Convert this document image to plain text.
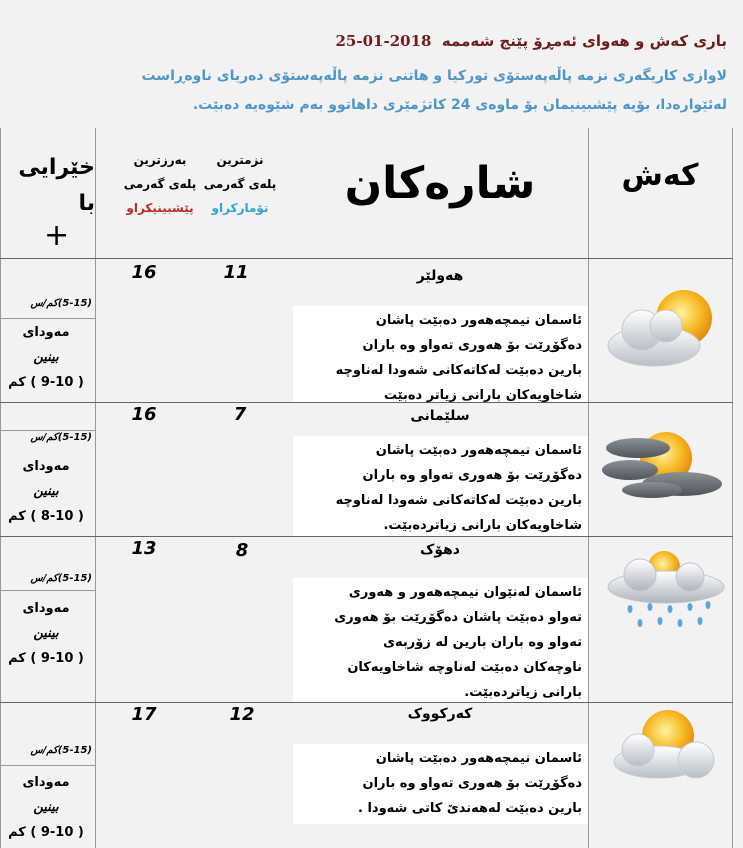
باری کەش و هەوای ئەمڕۆ پێنج شەممە  2018-01-25
لاوازی کاریگەری نزمە پاڵەپەستۆی تورکیا و هاتنی نزمە پاڵەپەستۆی دەریای ناوەڕاست
لەئێوارەدا، بۆیە پێشبینیمان بۆ ماوەی 24 کاتژمێری داهاتوو بەم شێوەیە دەبێت.
کەش
شارەکان
نزمترین
پلەی گەرمی
تۆمارکراو
بەرزترین
پلەی گەرمی
پێشبینیکراو
خێرایی
با
+
16	11	هەولێر
ئاسمان نیمچەهەور دەبێت پاشان
دەگۆڕێت بۆ هەوری تەواو وە باران
بارین دەبێت لەکاتەکانی شەودا لەناوچە
شاخاویەکان بارانی زیاتر دەبێت
(5-15)کم/س
مەودای
بینین
( 9-10 ) کم
16	7	سلێمانی
ئاسمان نیمچەهەور دەبێت پاشان
دەگۆڕێت بۆ هەوری تەواو وە باران
بارین دەبێت لەکاتەکانی شەودا لەناوچە
شاخاویەکان بارانی زیاتردەبێت.
(5-15)کم/س
مەودای
بینین
( 8-10 ) کم
13	8	دهۆک
ئاسمان لەنێوان نیمچەهەور و هەوری
تەواو دەبێت پاشان دەگۆڕێت بۆ هەوری
تەواو وە باران بارین لە زۆربەی
ناوچەکان دەبێت لەناوچە شاخاویەکان
بارانی زیاتردەبێت.
(5-15)کم/س
مەودای
بینین
( 9-10 ) کم
17	12	کەرکووک
ئاسمان نیمچەهەور دەبێت پاشان
دەگۆڕێت بۆ هەوری تەواو وە باران
بارین دەبێت لەهەندێ کاتی شەودا .
(5-15)کم/س
مەودای
بینین
( 9-10 ) کم
